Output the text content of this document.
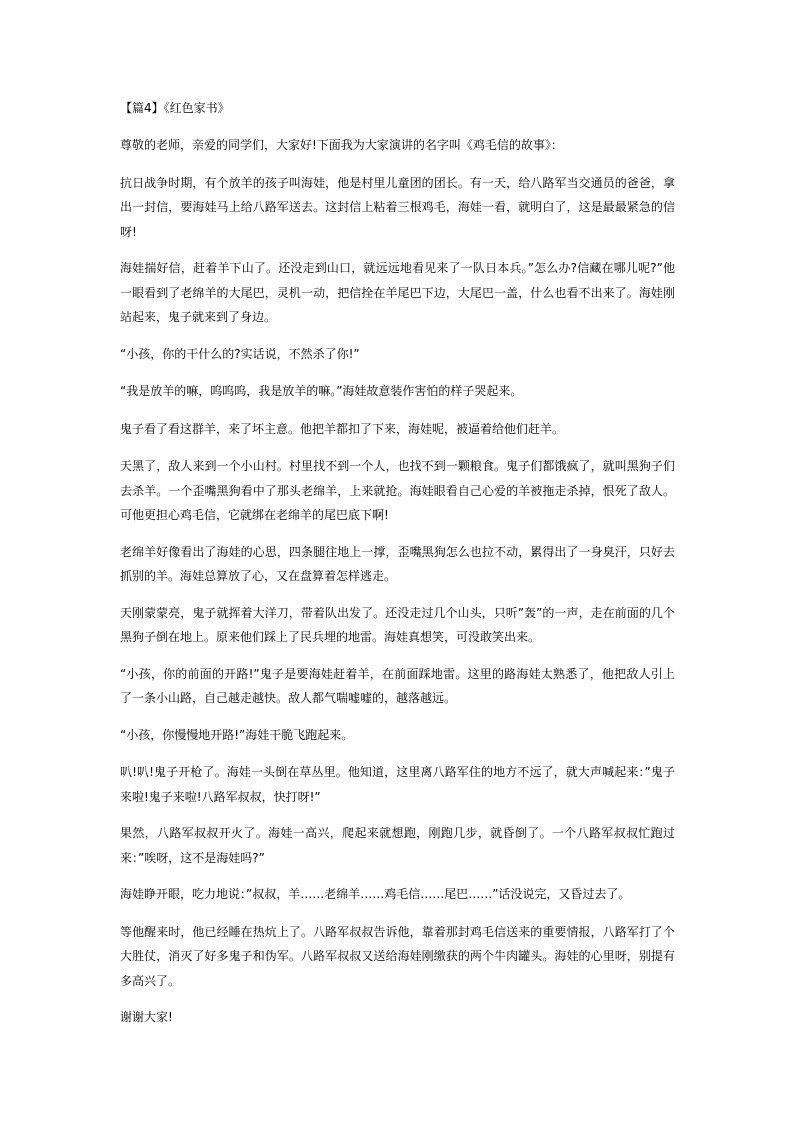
【篇4】《红色家书》

尊敬的老师，亲爱的同学们，大家好!下面我为大家演讲的名字叫《鸡毛信的故事》：

抗日战争时期，有个放羊的孩子叫海娃，他是村里儿童团的团长。有一天，给八路军当交通员的爸爸，拿出一封信，要海娃马上给八路军送去。这封信上粘着三根鸡毛，海娃一看，就明白了，这是最最紧急的信呀!

海娃揣好信，赶着羊下山了。还没走到山口，就远远地看见来了一队日本兵。”怎么办?信藏在哪儿呢?”他一眼看到了老绵羊的大尾巴，灵机一动，把信拴在羊尾巴下边，大尾巴一盖，什么也看不出来了。海娃刚站起来，鬼子就来到了身边。

“小孩，你的干什么的?实话说，不然杀了你!”

“我是放羊的嘛，呜呜呜，我是放羊的嘛。”海娃故意装作害怕的样子哭起来。

鬼子看了看这群羊，来了坏主意。他把羊都扣了下来，海娃呢，被逼着给他们赶羊。

天黑了，敌人来到一个小山村。村里找不到一个人，也找不到一颗粮食。鬼子们都饿疯了，就叫黑狗子们去杀羊。一个歪嘴黑狗看中了那头老绵羊，上来就抢。海娃眼看自己心爱的羊被拖走杀掉，恨死了敌人。可他更担心鸡毛信，它就绑在老绵羊的尾巴底下啊!

老绵羊好像看出了海娃的心思，四条腿往地上一撑，歪嘴黑狗怎么也拉不动，累得出了一身臭汗，只好去抓别的羊。海娃总算放了心，又在盘算着怎样逃走。

天刚蒙蒙亮，鬼子就挥着大洋刀，带着队出发了。还没走过几个山头，只听”轰”的一声，走在前面的几个黑狗子倒在地上。原来他们踩上了民兵埋的地雷。海娃真想笑，可没敢笑出来。

“小孩，你的前面的开路!”鬼子是要海娃赶着羊，在前面踩地雷。这里的路海娃太熟悉了，他把敌人引上了一条小山路，自己越走越快。敌人都气喘嘘嘘的，越落越远。

“小孩，你慢慢地开路!”海娃干脆飞跑起来。

叭!叭!鬼子开枪了。海娃一头倒在草丛里。他知道，这里离八路军住的地方不远了，就大声喊起来：”鬼子来啦!鬼子来啦!八路军叔叔，快打呀!”

果然，八路军叔叔开火了。海娃一高兴，爬起来就想跑，刚跑几步，就昏倒了。一个八路军叔叔忙跑过来：”唉呀，这不是海娃吗?”

海娃睁开眼，吃力地说：”叔叔，羊……老绵羊……鸡毛信……尾巴……”话没说完，又昏过去了。

等他醒来时，他已经睡在热炕上了。八路军叔叔告诉他，靠着那封鸡毛信送来的重要情报，八路军打了个大胜仗，消灭了好多鬼子和伪军。八路军叔叔又送给海娃刚缴获的两个牛肉罐头。海娃的心里呀，别提有多高兴了。

谢谢大家!
